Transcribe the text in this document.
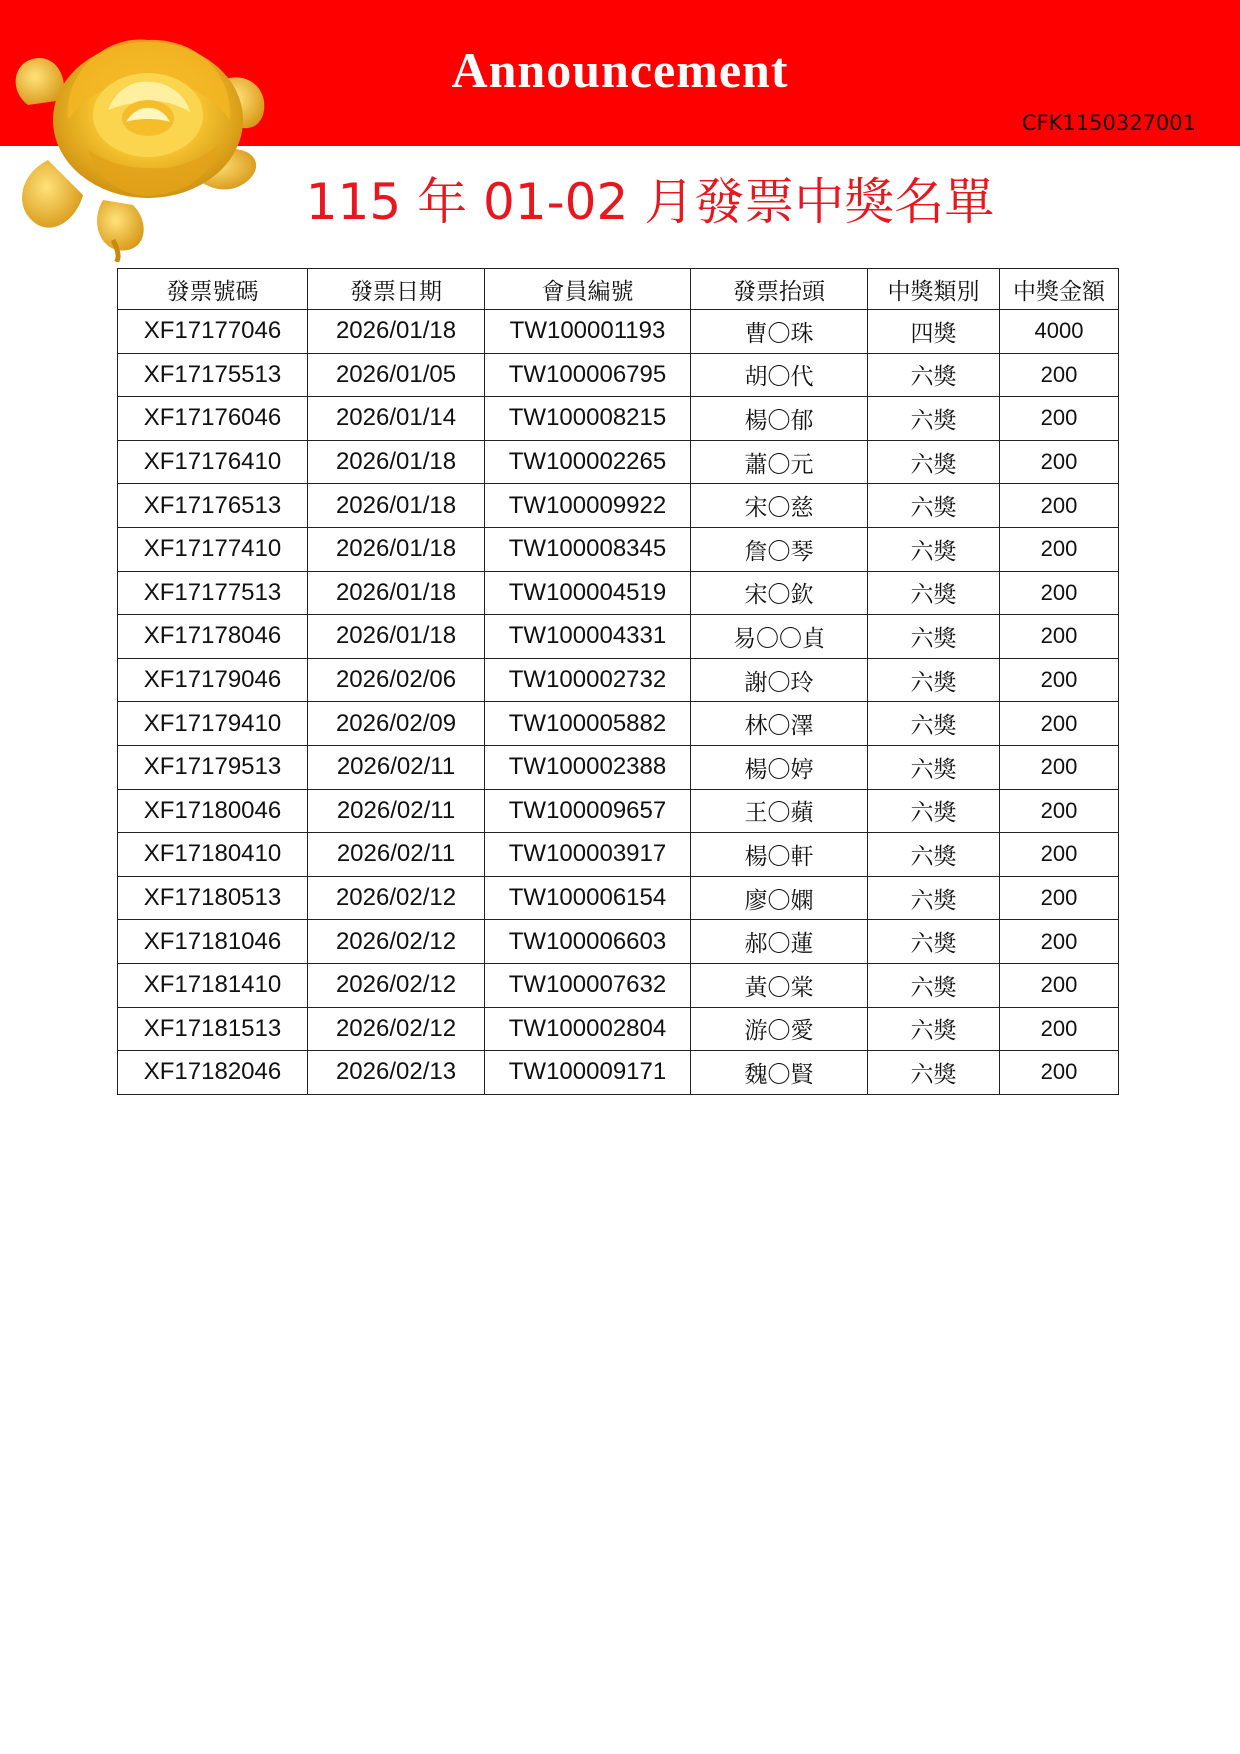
Announcement
CFK1150327001
115 年 01-02 月發票中獎名單
發票號碼	發票日期	會員編號	發票抬頭	中獎類別	中獎金額
XF17177046	2026/01/18	TW100001193	曹〇珠	四獎	4000
XF17175513	2026/01/05	TW100006795	胡〇代	六獎	200
XF17176046	2026/01/14	TW100008215	楊〇郁	六獎	200
XF17176410	2026/01/18	TW100002265	蕭〇元	六獎	200
XF17176513	2026/01/18	TW100009922	宋〇慈	六獎	200
XF17177410	2026/01/18	TW100008345	詹〇琴	六獎	200
XF17177513	2026/01/18	TW100004519	宋〇欽	六獎	200
XF17178046	2026/01/18	TW100004331	易〇〇貞	六獎	200
XF17179046	2026/02/06	TW100002732	謝〇玲	六獎	200
XF17179410	2026/02/09	TW100005882	林〇澤	六獎	200
XF17179513	2026/02/11	TW100002388	楊〇婷	六獎	200
XF17180046	2026/02/11	TW100009657	王〇蘋	六獎	200
XF17180410	2026/02/11	TW100003917	楊〇軒	六獎	200
XF17180513	2026/02/12	TW100006154	廖〇嫻	六獎	200
XF17181046	2026/02/12	TW100006603	郝〇蓮	六獎	200
XF17181410	2026/02/12	TW100007632	黃〇棠	六獎	200
XF17181513	2026/02/12	TW100002804	游〇愛	六獎	200
XF17182046	2026/02/13	TW100009171	魏〇賢	六獎	200
